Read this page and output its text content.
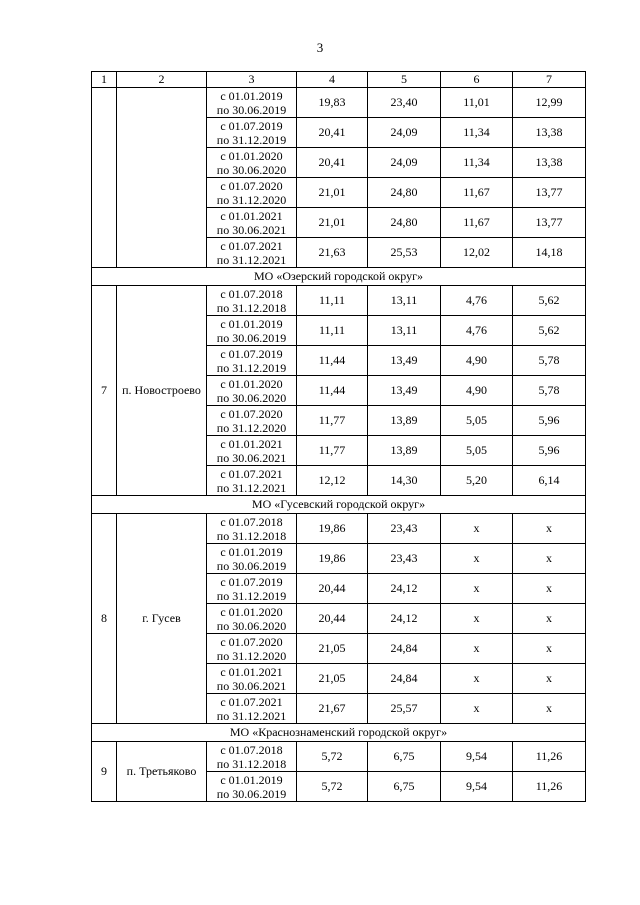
3
1	2	3	4	5	6	7

		с 01.01.2019
по 30.06.2019	19,83	23,40	11,01	12,99

		с 01.07.2019
по 31.12.2019	20,41	24,09	11,34	13,38

		с 01.01.2020
по 30.06.2020	20,41	24,09	11,34	13,38

		с 01.07.2020
по 31.12.2020	21,01	24,80	11,67	13,77

		с 01.01.2021
по 30.06.2021	21,01	24,80	11,67	13,77

		с 01.07.2021
по 31.12.2021	21,63	25,53	12,02	14,18
МО «Озерский городской округ»						
7	п. Новостроево	с 01.07.2018
по 31.12.2018	11,11	13,11	4,76	5,62

		с 01.01.2019
по 30.06.2019	11,11	13,11	4,76	5,62

		с 01.07.2019
по 31.12.2019	11,44	13,49	4,90	5,78

		с 01.01.2020
по 30.06.2020	11,44	13,49	4,90	5,78

		с 01.07.2020
по 31.12.2020	11,77	13,89	5,05	5,96

		с 01.01.2021
по 30.06.2021	11,77	13,89	5,05	5,96

		с 01.07.2021
по 31.12.2021	12,12	14,30	5,20	6,14
МО «Гусевский городской округ»						
8	г. Гусев	с 01.07.2018
по 31.12.2018	19,86	23,43	х	х

		с 01.01.2019
по 30.06.2019	19,86	23,43	х	х

		с 01.07.2019
по 31.12.2019	20,44	24,12	х	х

		с 01.01.2020
по 30.06.2020	20,44	24,12	х	х

		с 01.07.2020
по 31.12.2020	21,05	24,84	х	х

		с 01.01.2021
по 30.06.2021	21,05	24,84	х	х

		с 01.07.2021
по 31.12.2021	21,67	25,57	х	х
МО «Краснознаменский городской округ»						
9	п. Третьяково	с 01.07.2018
по 31.12.2018	5,72	6,75	9,54	11,26

		с 01.01.2019
по 30.06.2019	5,72	6,75	9,54	11,26
